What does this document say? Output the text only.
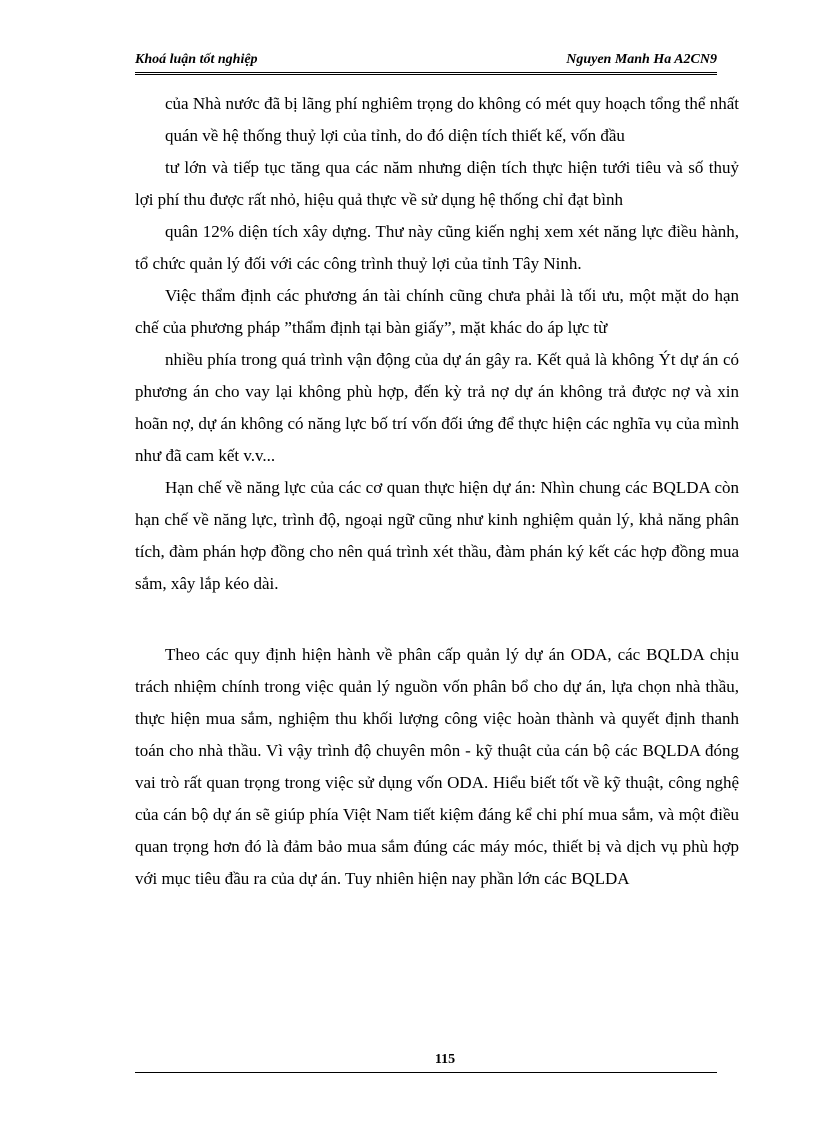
Khoá luận tốt nghiệp	Nguyen Manh Ha A2CN9

của Nhà nước đã bị lãng phí nghiêm trọng do không có mét quy hoạch tổng thể nhất quán về hệ thống thuỷ lợi của tỉnh, do đó diện tích thiết kế, vốn đầu

tư lớn và tiếp tục tăng qua các năm nhưng diện tích thực hiện tưới tiêu và số thuỷ lợi phí thu được rất nhỏ, hiệu quả thực về sử dụng hệ thống chỉ đạt bình

quân 12% diện tích xây dựng. Thư này cũng kiến nghị xem xét năng lực điều hành, tổ chức quản lý đối với các công trình thuỷ lợi của tỉnh Tây Ninh.

Việc thẩm định các phương án tài chính cũng chưa phải là tối ưu, một mặt do hạn chế của phương pháp ”thẩm định tại bàn giấy”, mặt khác do áp lực từ

nhiều phía trong quá trình vận động của dự án gây ra. Kết quả là không Ýt dự án có phương án cho vay lại không phù hợp, đến kỳ trả nợ dự án không trả được nợ và xin hoãn nợ, dự án không có năng lực bố trí vốn đối ứng để thực hiện các nghĩa vụ của mình như đã cam kết v.v...

Hạn chế về năng lực của các cơ quan thực hiện dự án: Nhìn chung các BQLDA còn hạn chế về năng lực, trình độ, ngoại ngữ cũng như kinh nghiệm quản lý, khả năng phân tích, đàm phán hợp đồng cho nên quá trình xét thầu, đàm phán ký kết các hợp đồng mua sắm, xây lắp kéo dài.

Theo các quy định hiện hành về phân cấp quản lý dự án ODA, các BQLDA chịu trách nhiệm chính trong việc quản lý nguồn vốn phân bổ cho dự án, lựa chọn nhà thầu, thực hiện mua sắm, nghiệm thu khối lượng công việc hoàn thành và quyết định thanh toán cho nhà thầu. Vì vậy trình độ chuyên môn - kỹ thuật của cán bộ các BQLDA đóng vai trò rất quan trọng trong việc sử dụng vốn ODA. Hiểu biết tốt về kỹ thuật, công nghệ của cán bộ dự án sẽ giúp phía Việt Nam tiết kiệm đáng kể chi phí mua sắm, và một điều quan trọng hơn đó là đảm bảo mua sắm đúng các máy móc, thiết bị và dịch vụ phù hợp với mục tiêu đầu ra của dự án. Tuy nhiên hiện nay phần lớn các BQLDA

115
